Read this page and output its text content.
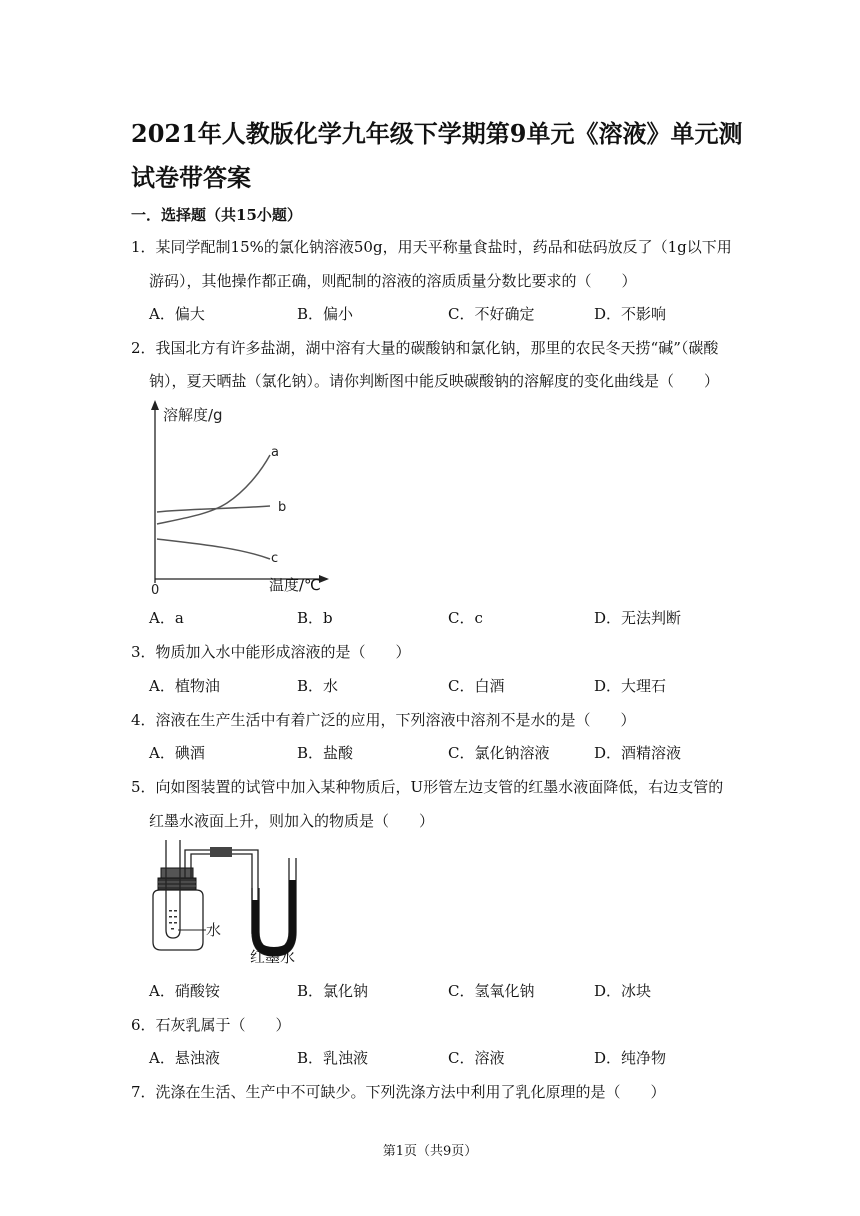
2021年人教版化学九年级下学期第9单元《溶液》单元测试卷带答案
一．选择题（共15小题）
1．某同学配制15%的氯化钠溶液50g，用天平称量食盐时，药品和砝码放反了（1g以下用
游码），其他操作都正确，则配制的溶液的溶质质量分数比要求的（　　）
A．偏大	B．偏小	C．不好确定	D．不影响
2．我国北方有许多盐湖，湖中溶有大量的碳酸钠和氯化钠，那里的农民冬天捞“碱”（碳酸
钠），夏天晒盐（氯化钠）。请你判断图中能反映碳酸钠的溶解度的变化曲线是（　　）
溶解度/g
0
a
b
c
温度/℃
A．a	B．b	C．c	D．无法判断
3．物质加入水中能形成溶液的是（　　）
A．植物油	B．水	C．白酒	D．大理石
4．溶液在生产生活中有着广泛的应用，下列溶液中溶剂不是水的是（　　）
A．碘酒	B．盐酸	C．氯化钠溶液	D．酒精溶液
5．向如图装置的试管中加入某种物质后，U形管左边支管的红墨水液面降低，右边支管的
红墨水液面上升，则加入的物质是（　　）
水
红墨水
A．硝酸铵	B．氯化钠	C．氢氧化钠	D．冰块
6．石灰乳属于（　　）
A．悬浊液	B．乳浊液	C．溶液	D．纯净物
7．洗涤在生活、生产中不可缺少。下列洗涤方法中利用了乳化原理的是（　　）
第1页（共9页）
